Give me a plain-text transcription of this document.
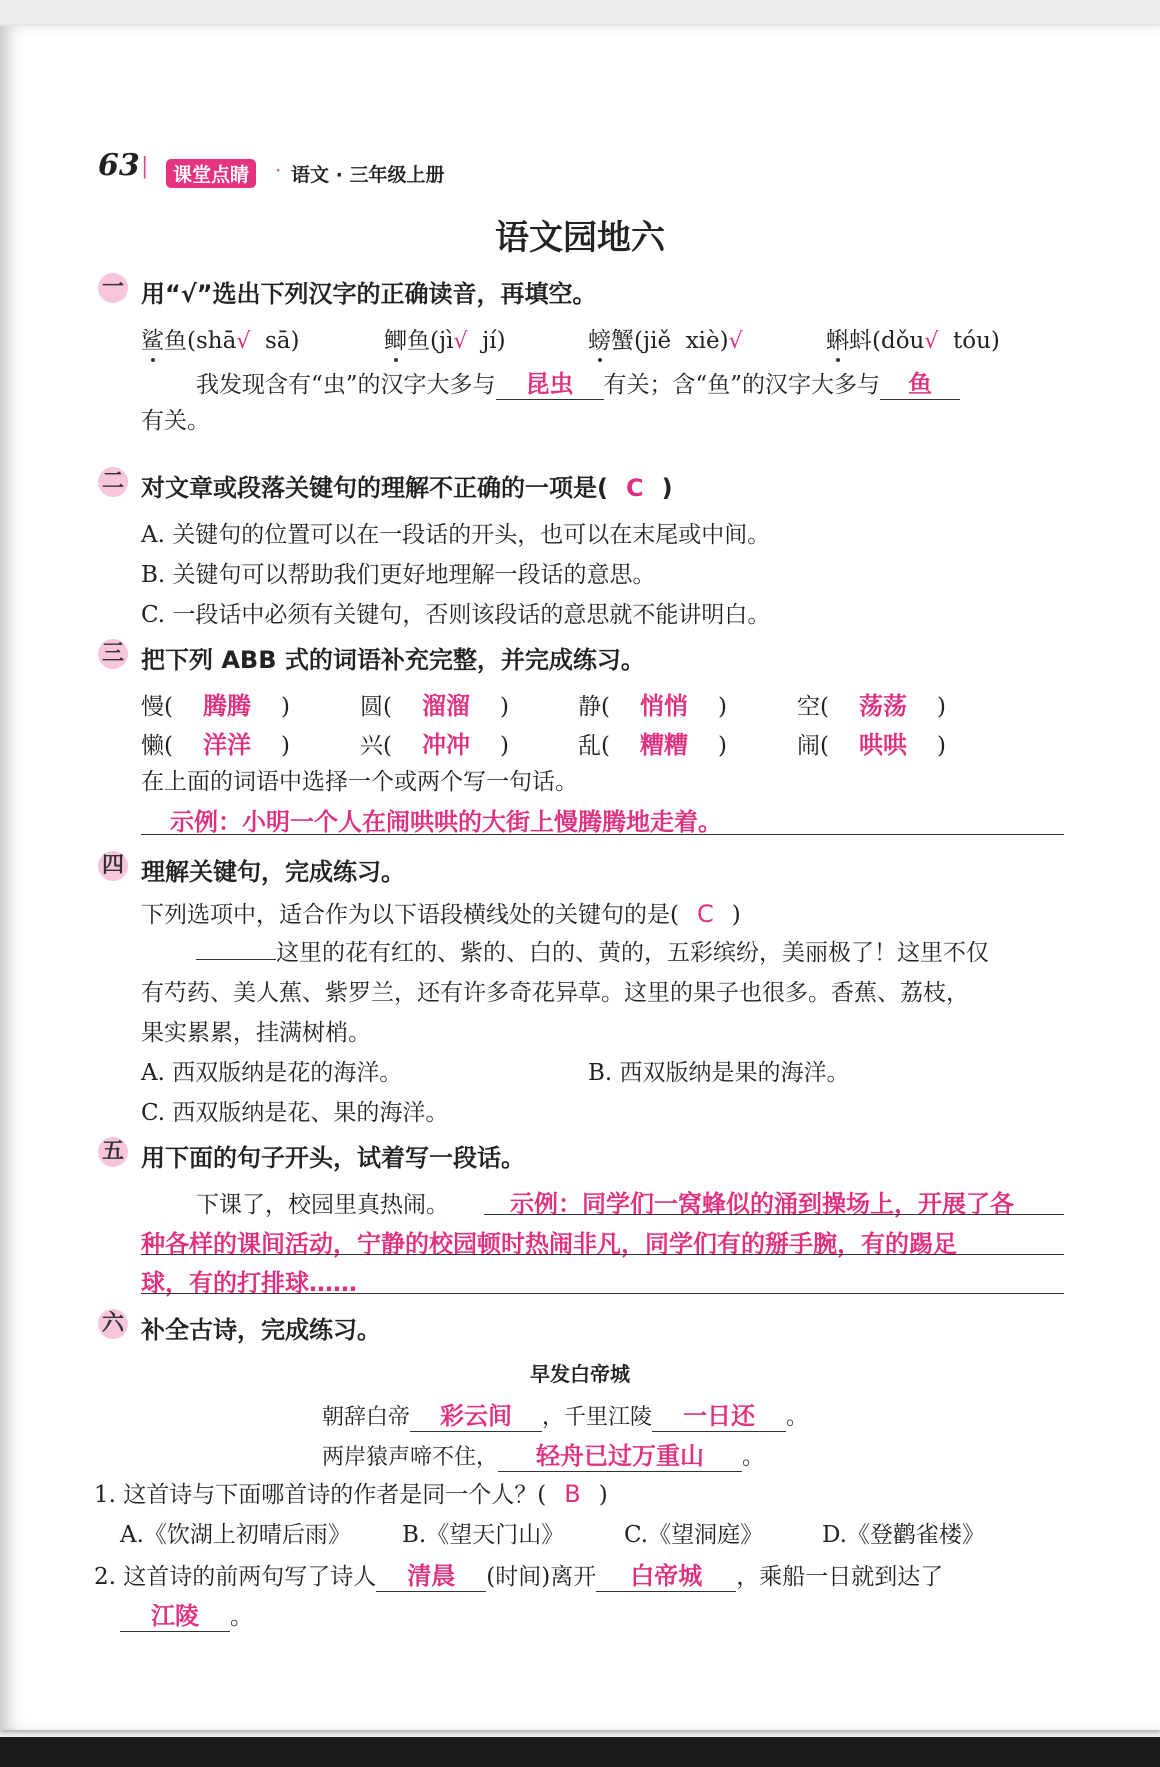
63 |	课堂点睛	· 语文 · 三年级上册
语文园地六
一 用“√”选出下列汉字的正确读音，再填空。
鲨鱼(shā√ sā)	鲫鱼(jì√ jí)	螃蟹(jiě xiè)√	蝌蚪(dǒu√ tóu)
我发现含有“虫”的汉字大多与 昆虫 有关；含“鱼”的汉字大多与 鱼
有关。
二 对文章或段落关键句的理解不正确的一项是( C )
A. 关键句的位置可以在一段话的开头，也可以在末尾或中间。
B. 关键句可以帮助我们更好地理解一段话的意思。
C. 一段话中必须有关键句，否则该段话的意思就不能讲明白。
三 把下列 ABB 式的词语补充完整，并完成练习。
慢( 腾腾 )	圆( 溜溜 )	静( 悄悄 )	空( 荡荡 )
懒( 洋洋 )	兴( 冲冲 )	乱( 糟糟 )	闹( 哄哄 )
在上面的词语中选择一个或两个写一句话。
示例：小明一个人在闹哄哄的大街上慢腾腾地走着。
四 理解关键句，完成练习。
下列选项中，适合作为以下语段横线处的关键句的是( C )
这里的花有红的、紫的、白的、黄的，五彩缤纷，美丽极了！这里不仅
有芍药、美人蕉、紫罗兰，还有许多奇花异草。这里的果子也很多。香蕉、荔枝，
果实累累，挂满树梢。
A. 西双版纳是花的海洋。	B. 西双版纳是果的海洋。
C. 西双版纳是花、果的海洋。
五 用下面的句子开头，试着写一段话。
下课了，校园里真热闹。	示例：同学们一窝蜂似的涌到操场上，开展了各
种各样的课间活动，宁静的校园顿时热闹非凡，同学们有的掰手腕，有的踢足
球，有的打排球……
六 补全古诗，完成练习。
早发白帝城
朝辞白帝 彩云间 ，千里江陵 一日还 。
两岸猿声啼不住， 轻舟已过万重山 。
1. 这首诗与下面哪首诗的作者是同一个人？( B )
A.《饮湖上初晴后雨》 B.《望天门山》	C.《望洞庭》	D.《登鹳雀楼》
2. 这首诗的前两句写了诗人 清晨 (时间)离开 白帝城 ，乘船一日就到达了
江陵 。
